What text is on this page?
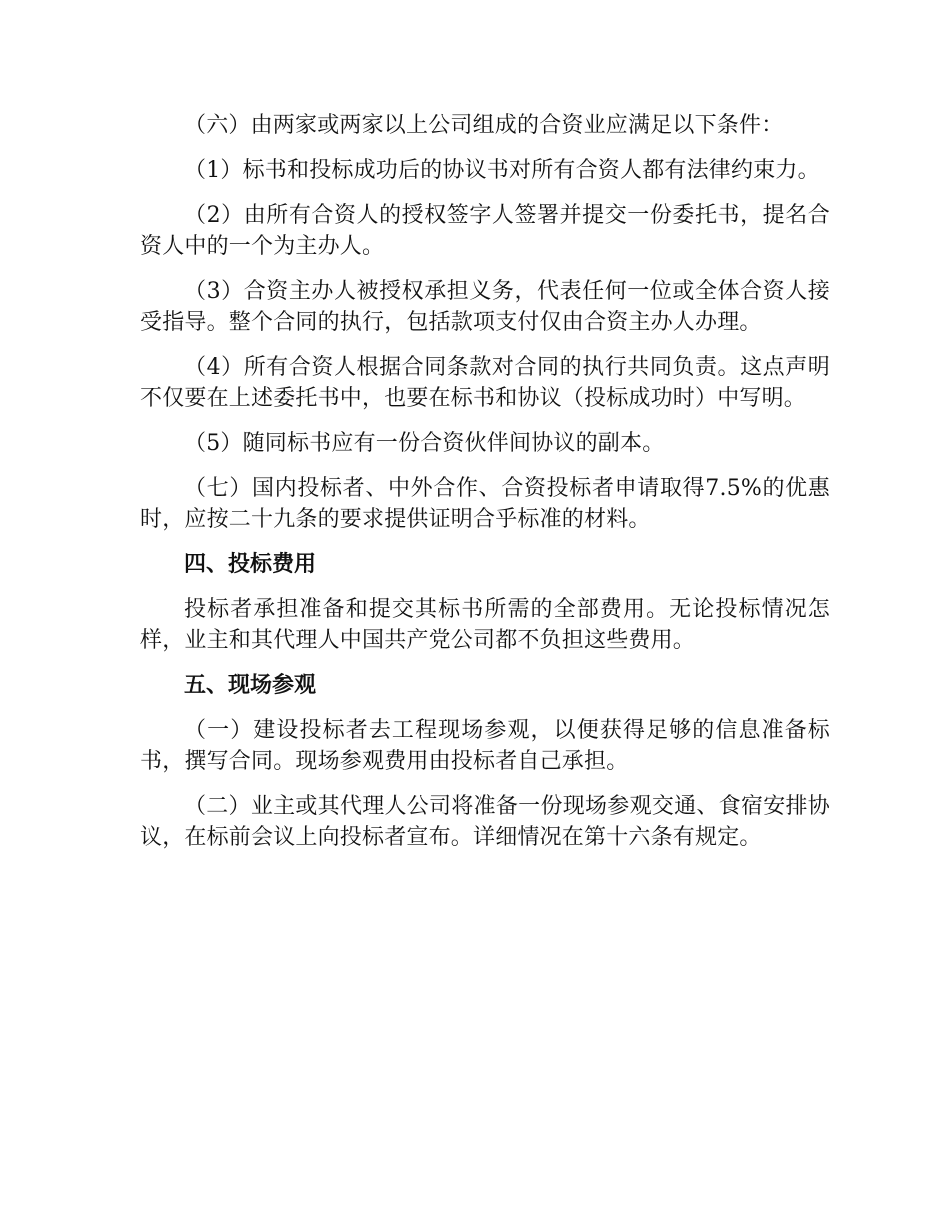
（六）由两家或两家以上公司组成的合资业应满足以下条件：

（1）标书和投标成功后的协议书对所有合资人都有法律约束力。

（2）由所有合资人的授权签字人签署并提交一份委托书，提名合资人中的一个为主办人。

（3）合资主办人被授权承担义务，代表任何一位或全体合资人接受指导。整个合同的执行，包括款项支付仅由合资主办人办理。

（4）所有合资人根据合同条款对合同的执行共同负责。这点声明不仅要在上述委托书中，也要在标书和协议（投标成功时）中写明。

（5）随同标书应有一份合资伙伴间协议的副本。

（七）国内投标者、中外合作、合资投标者申请取得7.5%的优惠时，应按二十九条的要求提供证明合乎标准的材料。

四、投标费用

投标者承担准备和提交其标书所需的全部费用。无论投标情况怎样，业主和其代理人中国共产党公司都不负担这些费用。

五、现场参观

（一）建设投标者去工程现场参观，以便获得足够的信息准备标书，撰写合同。现场参观费用由投标者自己承担。

（二）业主或其代理人公司将准备一份现场参观交通、食宿安排协议，在标前会议上向投标者宣布。详细情况在第十六条有规定。
